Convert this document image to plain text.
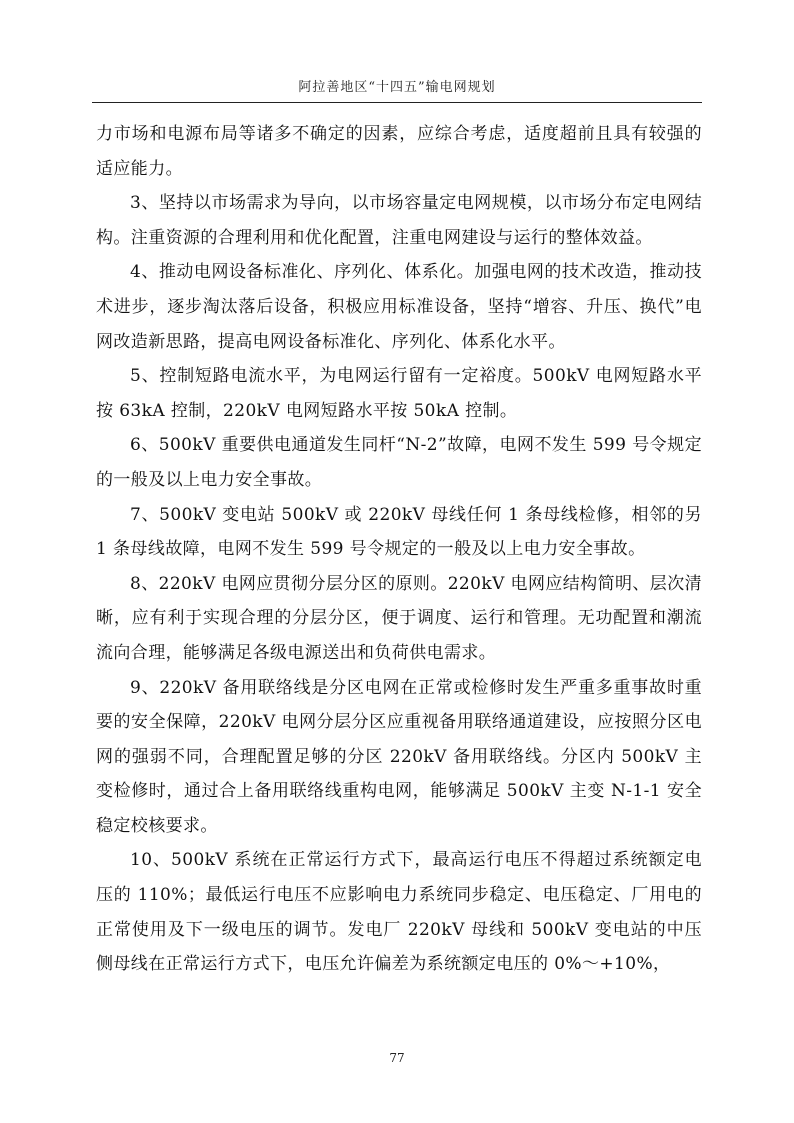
阿拉善地区“十四五”输电网规划

力市场和电源布局等诸多不确定的因素，应综合考虑，适度超前且具有较强的适应能力。

3、坚持以市场需求为导向，以市场容量定电网规模，以市场分布定电网结构。注重资源的合理利用和优化配置，注重电网建设与运行的整体效益。

4、推动电网设备标准化、序列化、体系化。加强电网的技术改造，推动技术进步，逐步淘汰落后设备，积极应用标准设备，坚持“增容、升压、换代”电网改造新思路，提高电网设备标准化、序列化、体系化水平。

5、控制短路电流水平，为电网运行留有一定裕度。500kV 电网短路水平按 63kA 控制，220kV 电网短路水平按 50kA 控制。

6、500kV 重要供电通道发生同杆“N-2”故障，电网不发生 599 号令规定的一般及以上电力安全事故。

7、500kV 变电站 500kV 或 220kV 母线任何 1 条母线检修，相邻的另 1 条母线故障，电网不发生 599 号令规定的一般及以上电力安全事故。

8、220kV 电网应贯彻分层分区的原则。220kV 电网应结构简明、层次清晰，应有利于实现合理的分层分区，便于调度、运行和管理。无功配置和潮流流向合理，能够满足各级电源送出和负荷供电需求。

9、220kV 备用联络线是分区电网在正常或检修时发生严重多重事故时重要的安全保障，220kV 电网分层分区应重视备用联络通道建设，应按照分区电网的强弱不同，合理配置足够的分区 220kV 备用联络线。分区内 500kV 主变检修时，通过合上备用联络线重构电网，能够满足 500kV 主变 N-1-1 安全稳定校核要求。

10、500kV 系统在正常运行方式下，最高运行电压不得超过系统额定电压的 110%；最低运行电压不应影响电力系统同步稳定、电压稳定、厂用电的正常使用及下一级电压的调节。发电厂 220kV 母线和 500kV 变电站的中压侧母线在正常运行方式下，电压允许偏差为系统额定电压的 0%～+10%，

77
